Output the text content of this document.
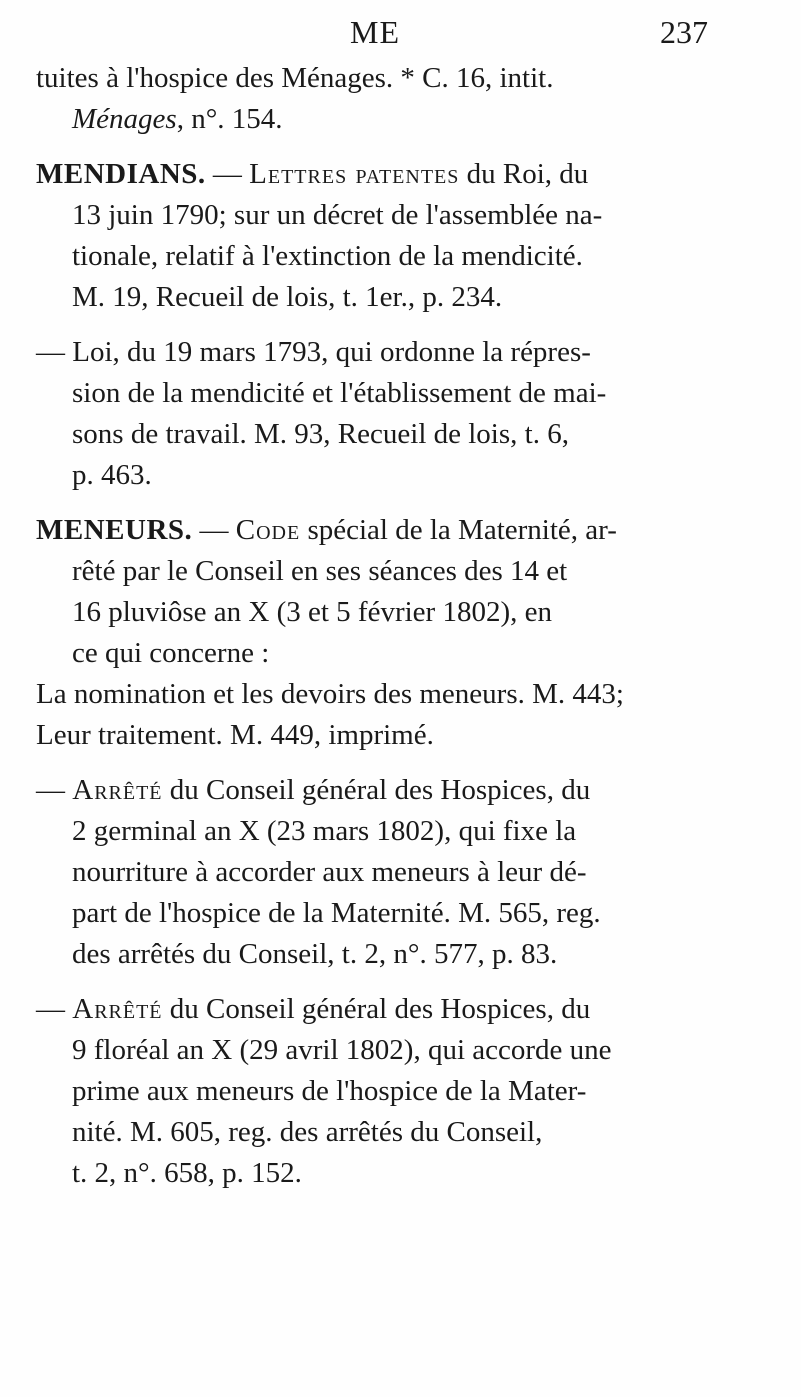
ME	237
tuites à l'hospice des Ménages. * C. 16, intit.
Ménages, n°. 154.
MENDIANS. — Lettres patentes du Roi, du
13 juin 1790; sur un décret de l'assemblée na-
tionale, relatif à l'extinction de la mendicité.
M. 19, Recueil de lois, t. 1er., p. 234.
— Loi, du 19 mars 1793, qui ordonne la répres-
sion de la mendicité et l'établissement de mai-
sons de travail. M. 93, Recueil de lois, t. 6,
p. 463.
MENEURS. — Code spécial de la Maternité, ar-
rêté par le Conseil en ses séances des 14 et
16 pluviôse an X (3 et 5 février 1802), en
ce qui concerne :
La nomination et les devoirs des meneurs. M. 443;
Leur traitement. M. 449, imprimé.
— Arrêté du Conseil général des Hospices, du
2 germinal an X (23 mars 1802), qui fixe la
nourriture à accorder aux meneurs à leur dé-
part de l'hospice de la Maternité. M. 565, reg.
des arrêtés du Conseil, t. 2, n°. 577, p. 83.
— Arrêté du Conseil général des Hospices, du
9 floréal an X (29 avril 1802), qui accorde une
prime aux meneurs de l'hospice de la Mater-
nité. M. 605, reg. des arrêtés du Conseil,
t. 2, n°. 658, p. 152.
